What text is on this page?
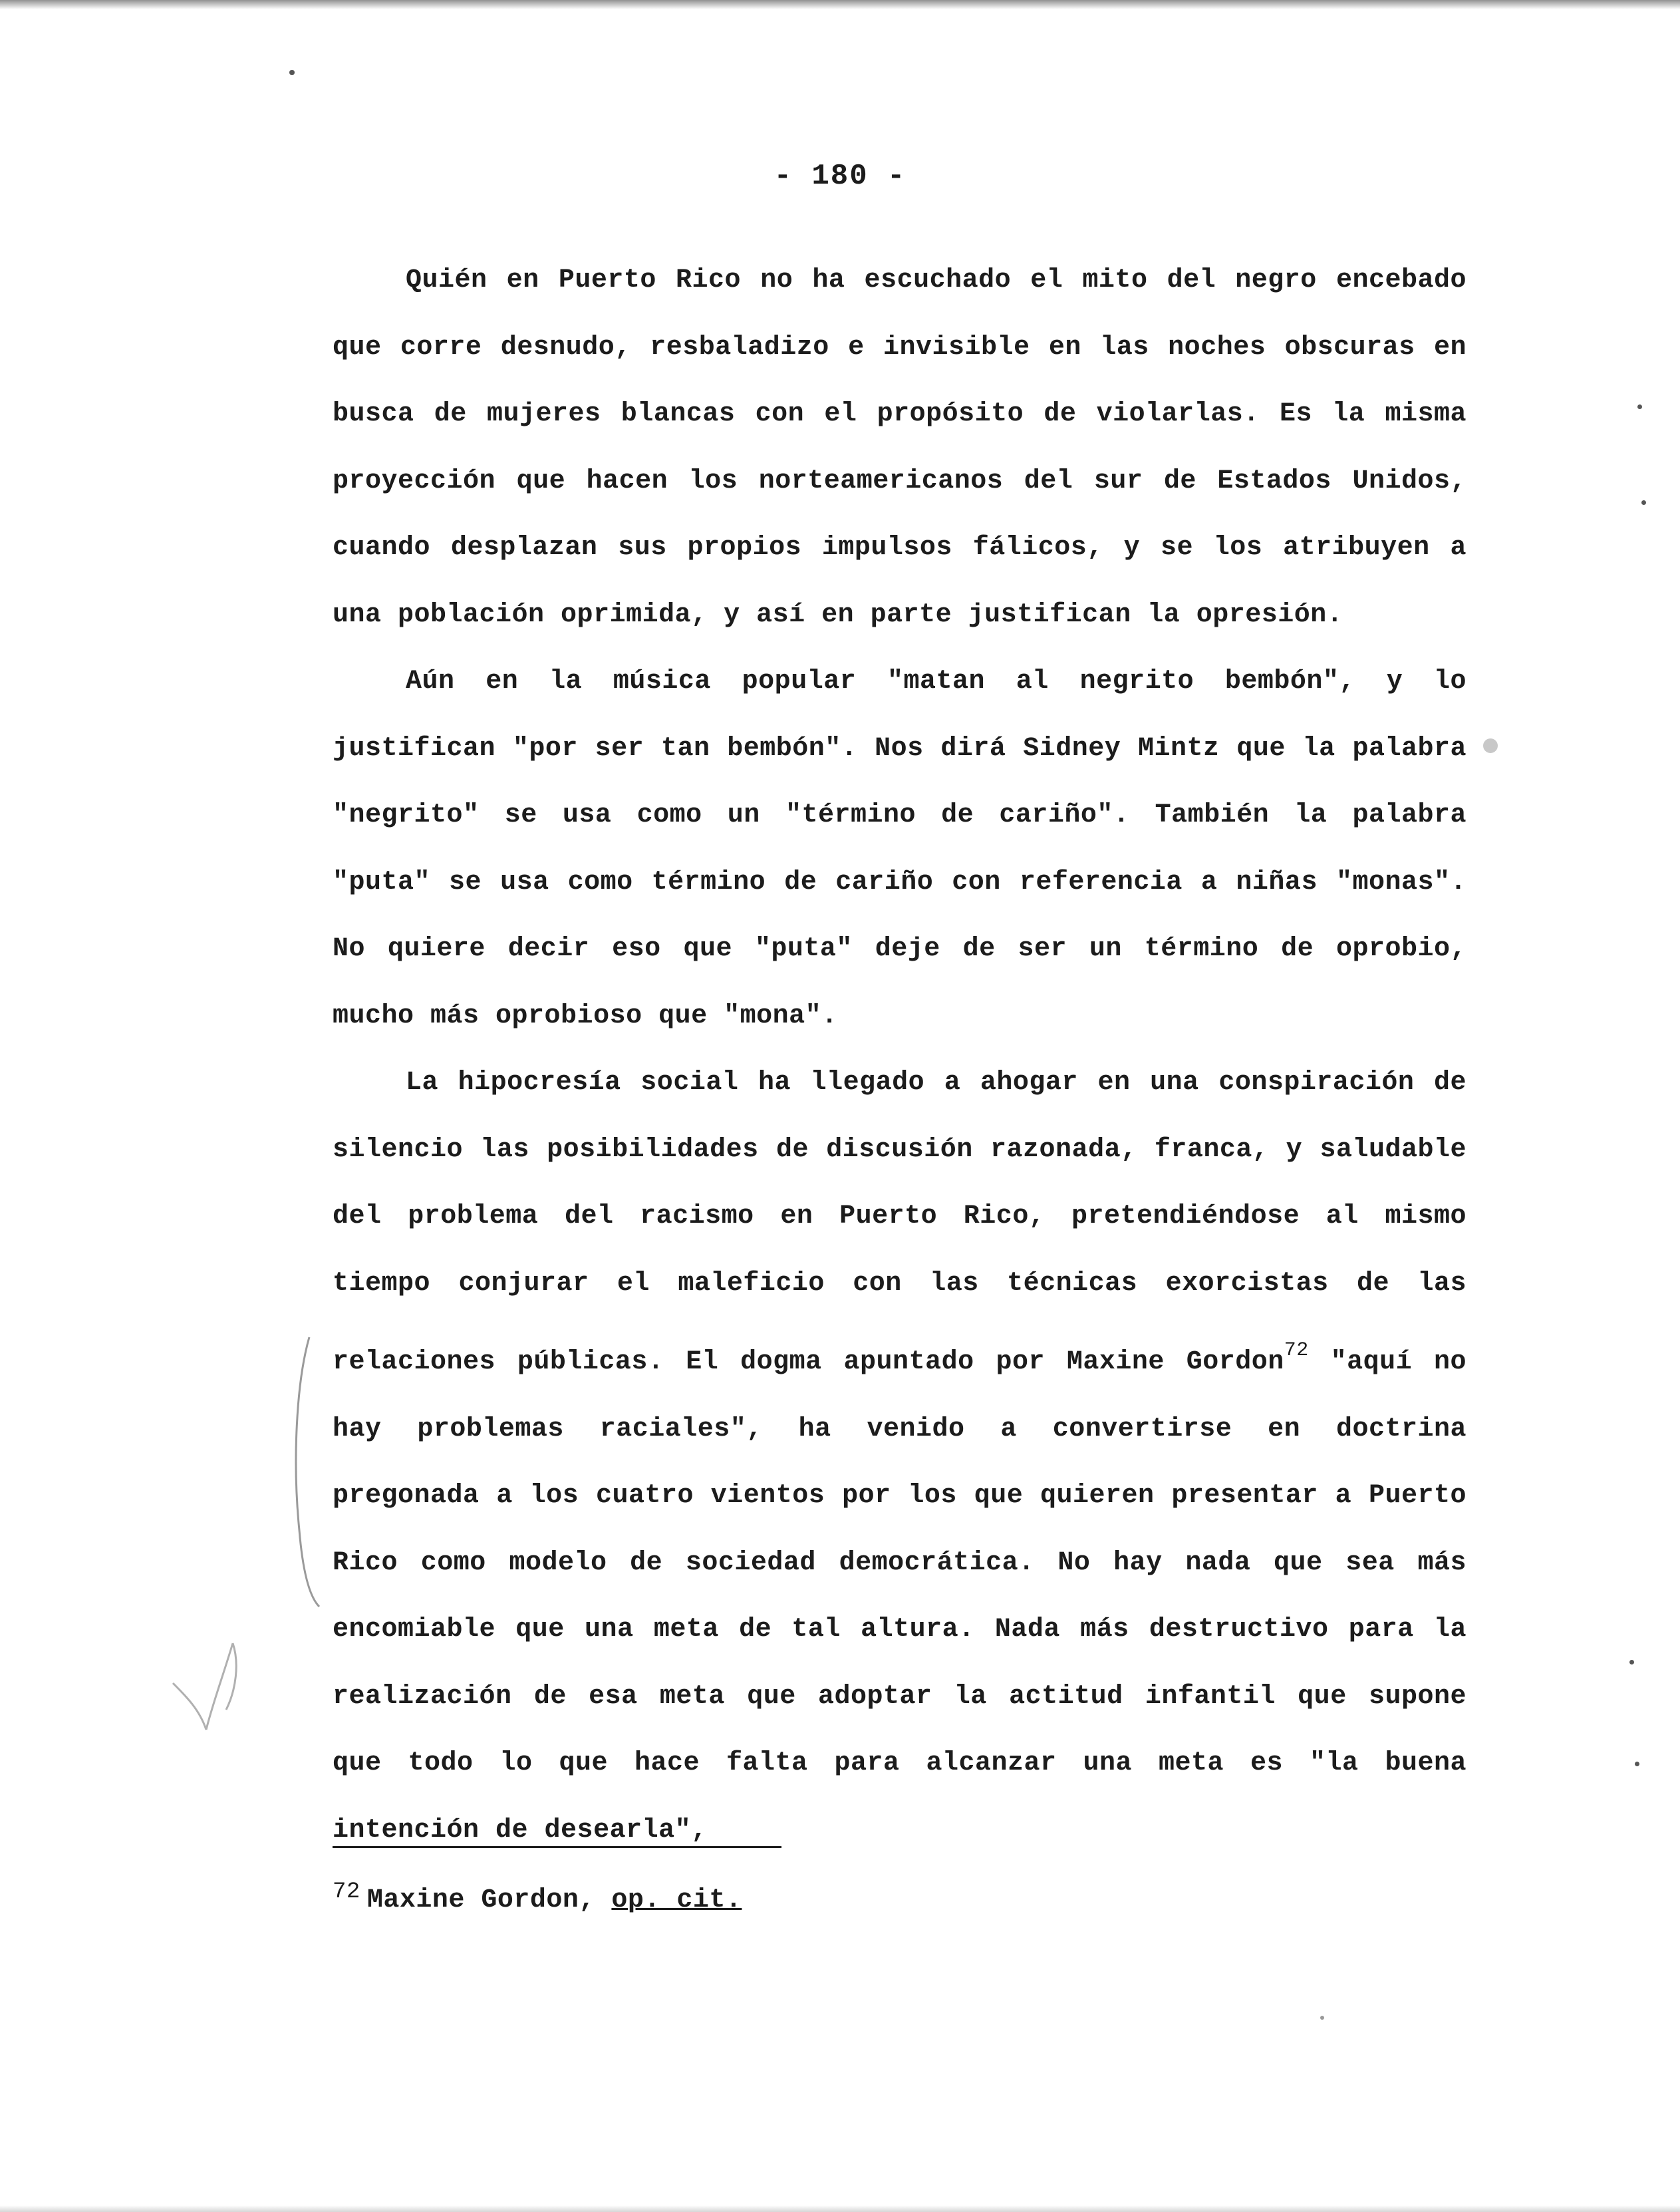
- 180 -

Quién en Puerto Rico no ha escuchado el mito del negro encebado que corre desnudo, resbaladizo e invisible en las noches obscuras en busca de mujeres blancas con el propósito de violarlas. Es la misma proyección que hacen los norteamericanos del sur de Estados Unidos, cuando desplazan sus propios impulsos fálicos, y se los atribuyen a una población oprimida, y así en parte justifican la opresión.

Aún en la música popular "matan al negrito bembón", y lo justifican "por ser tan bembón". Nos dirá Sidney Mintz que la palabra "negrito" se usa como un "término de cariño". También la palabra "puta" se usa como término de cariño con referencia a niñas "monas". No quiere decir eso que "puta" deje de ser un término de oprobio, mucho más oprobioso que "mona".

La hipocresía social ha llegado a ahogar en una conspiración de silencio las posibilidades de discusión razonada, franca, y saludable del problema del racismo en Puerto Rico, pretendiéndose al mismo tiempo conjurar el maleficio con las técnicas exorcistas de las relaciones públicas. El dogma apuntado por Maxine Gordon$^{72}$ "aquí no hay problemas raciales", ha venido a convertirse en doctrina pregonada a los cuatro vientos por los que quieren presentar a Puerto Rico como modelo de sociedad democrática. No hay nada que sea más encomiable que una meta de tal altura. Nada más destructivo para la realización de esa meta que adoptar la actitud infantil que supone que todo lo que hace falta para alcanzar una meta es "la buena intención de desearla",

$^{72}$ Maxine Gordon, op. cit.
